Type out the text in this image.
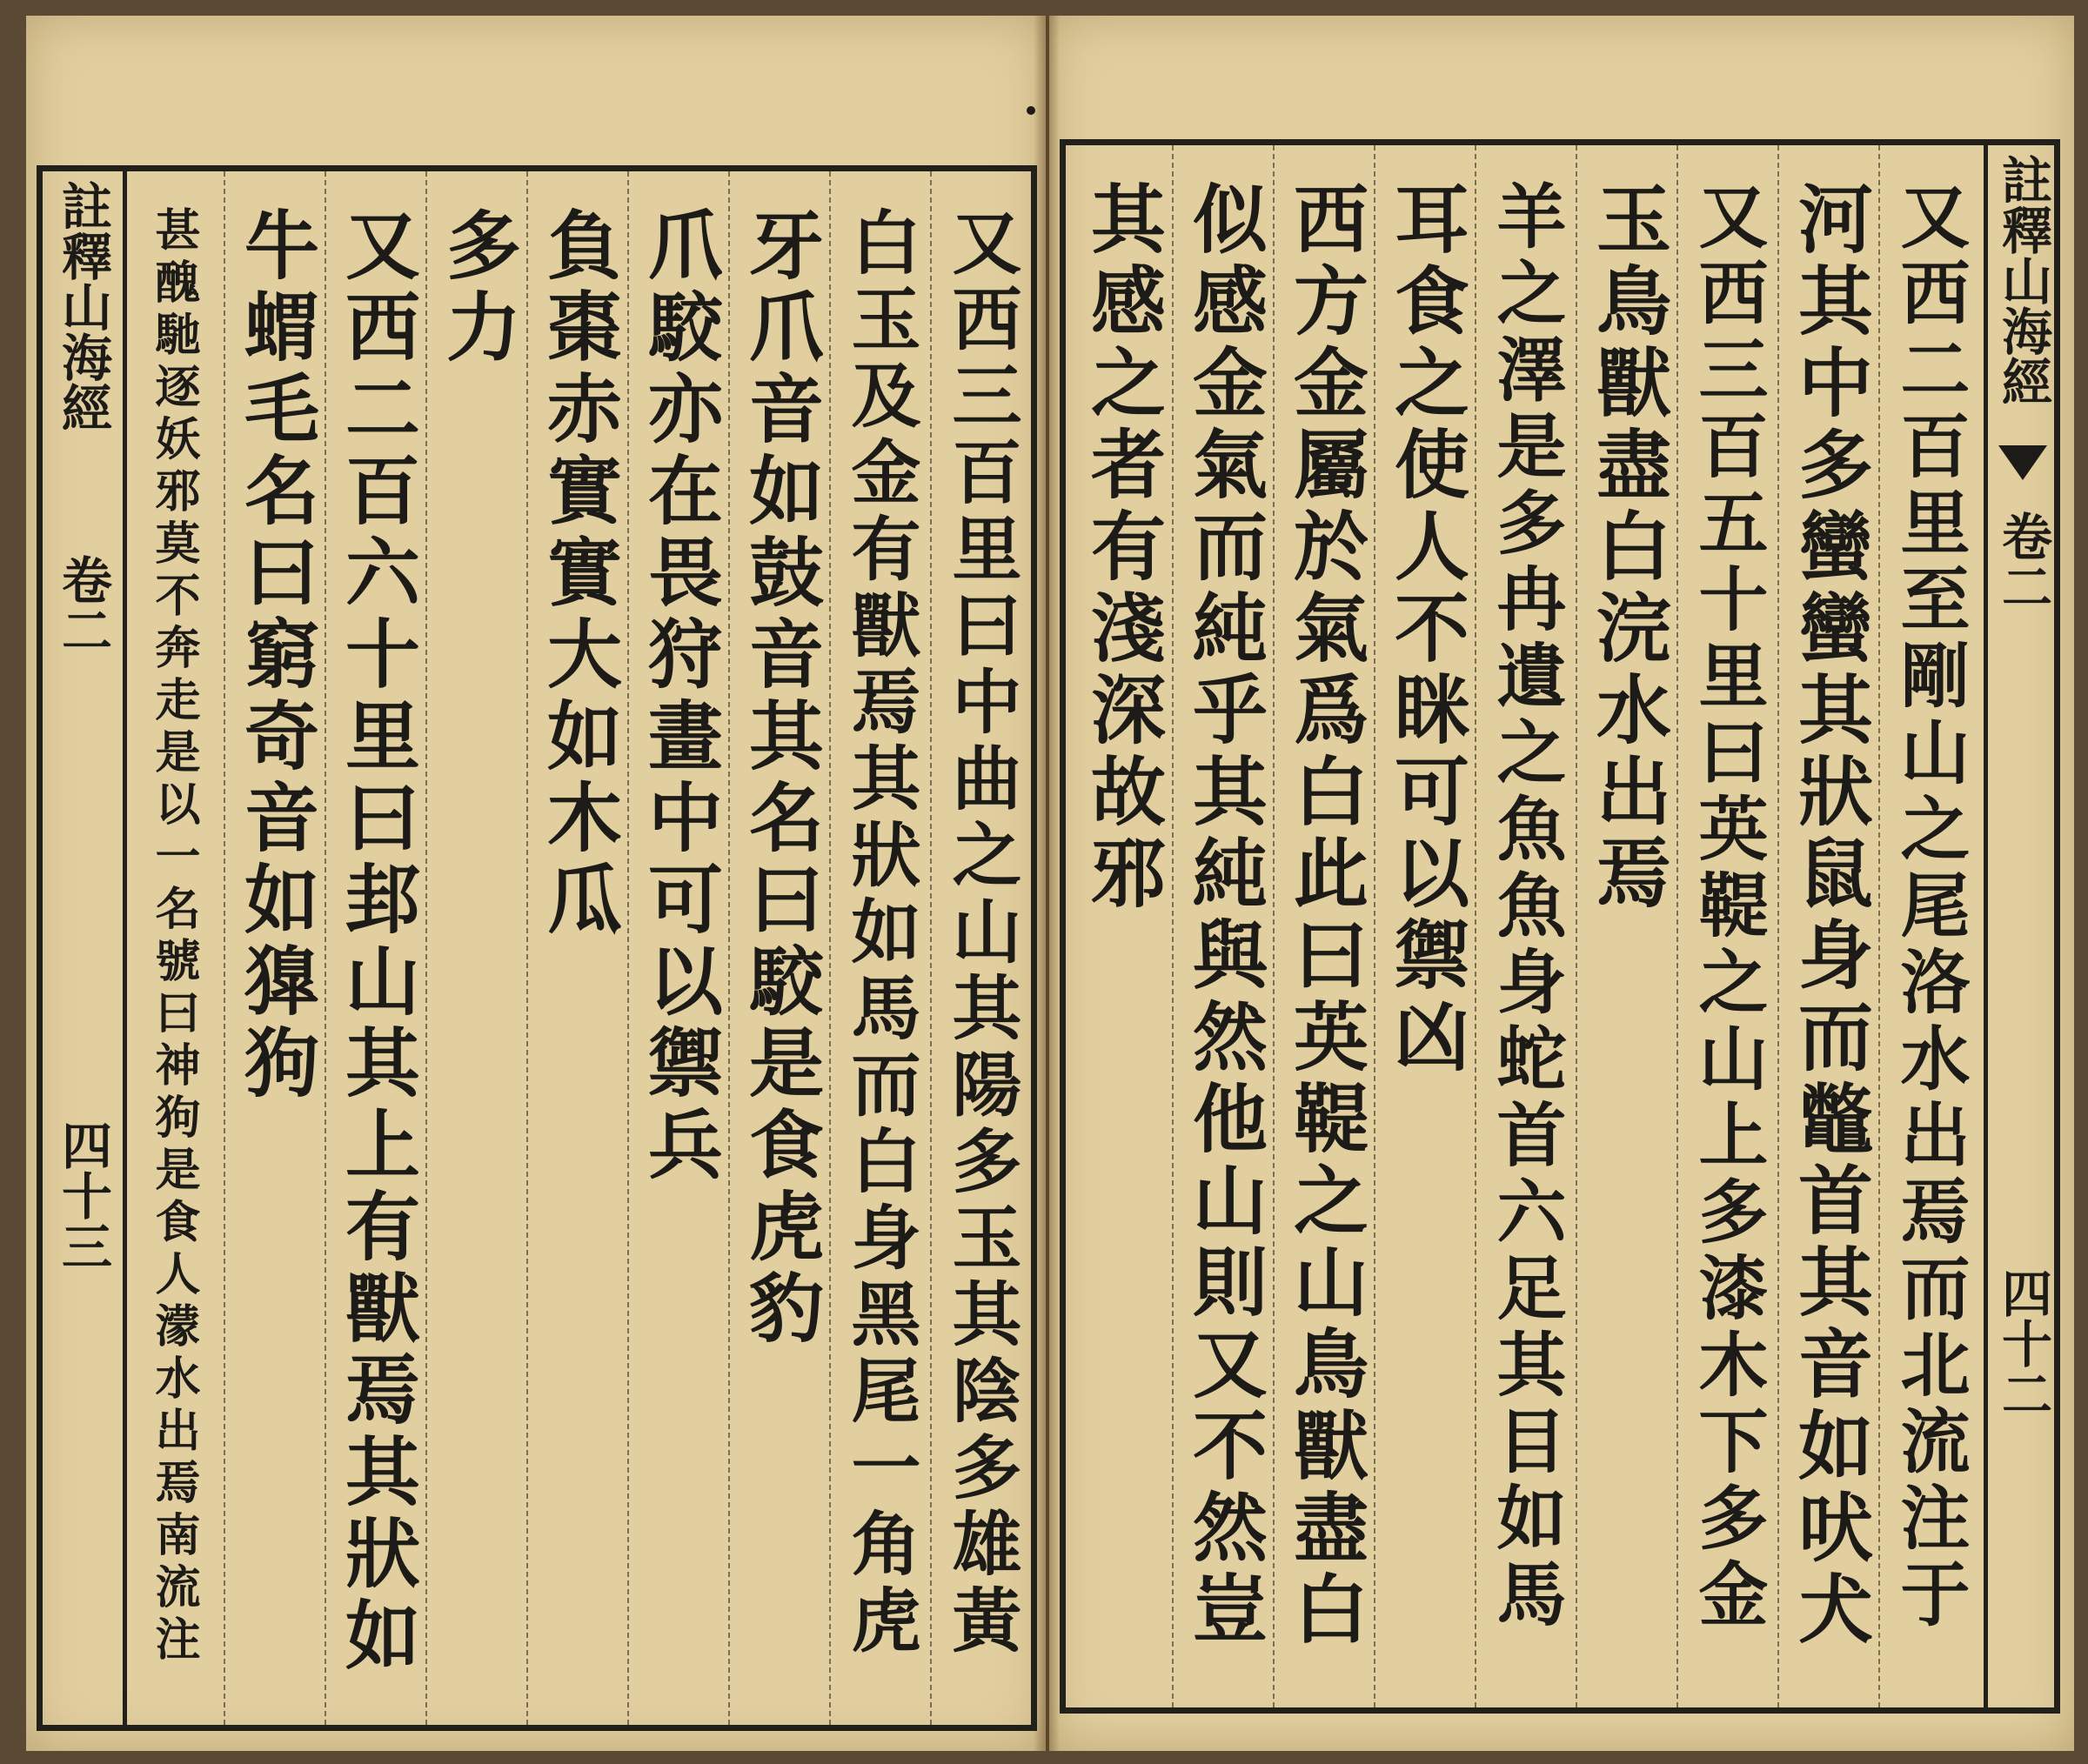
註釋山海經
卷二
四十三	又西三百里曰中曲之山其陽多玉其陰多雄黃
白玉及金有獸焉其狀如馬而白身黑尾一角虎
牙爪音如鼓音其名曰駮是食虎豹
爪駮亦在畏狩畫中可以禦兵
負棗赤實實大如木瓜
多力
又西二百六十里曰邽山其上有獸焉其狀如
牛蝟毛名曰窮奇音如獋狗
甚醜馳逐妖邪莫不奔走是以一名號曰神狗是食人濛水出焉南流注	註釋山海經
卷二
四十二
又西二百里至剛山之尾洛水出焉而北流注于
河其中多蠻蠻其狀鼠身而鼈首其音如吠犬
又西三百五十里曰英鞮之山上多漆木下多金
玉鳥獸盡白浣水出焉
羊之澤是多冉遺之魚魚身蛇首六足其目如馬
耳食之使人不眯可以禦凶
西方金屬於氣爲白此曰英鞮之山鳥獸盡白
似感金氣而純乎其純與然他山則又不然豈
其感之者有淺深故邪
